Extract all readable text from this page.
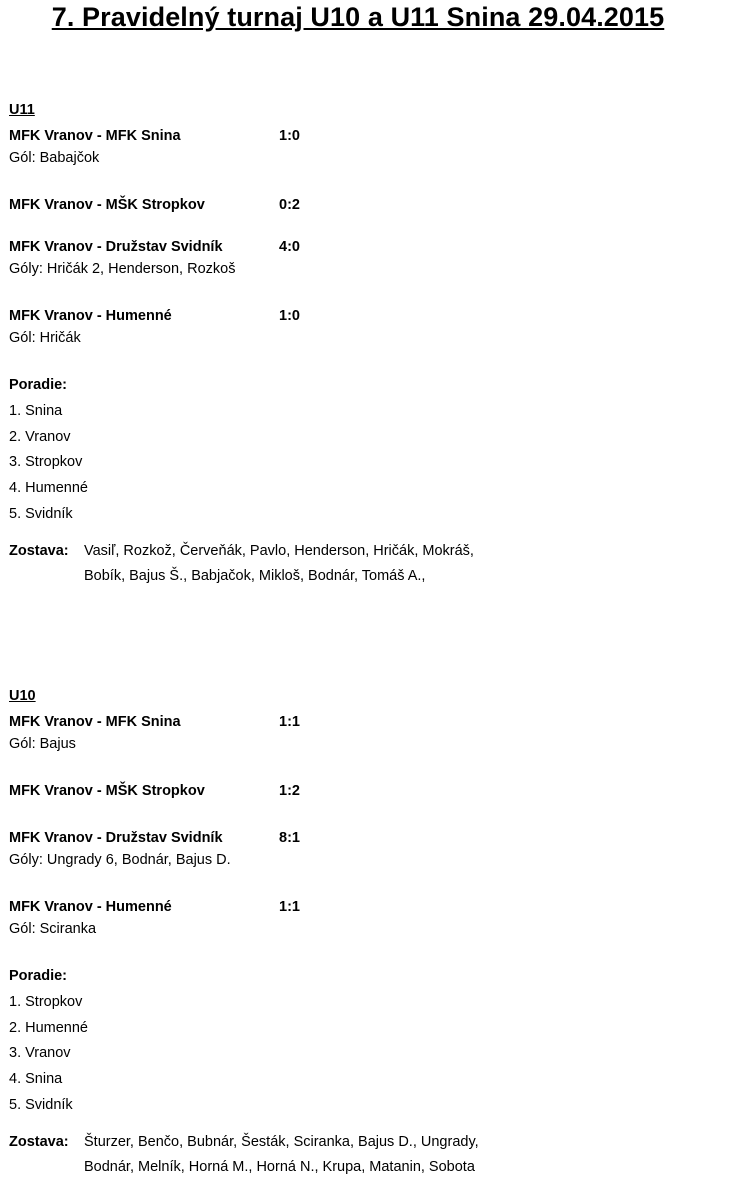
7. Pravidelný turnaj U10 a U11 Snina 29.04.2015
U11
MFK Vranov - MFK Snina	1:0
Gól: Babajčok
MFK Vranov - MŠK Stropkov	0:2
MFK Vranov - Družstav Svidník	4:0
Góly: Hričák 2, Henderson, Rozkoš
MFK Vranov - Humenné	1:0
Gól: Hričák
Poradie:
1. Snina
2. Vranov
3. Stropkov
4. Humenné
5. Svidník
Zostava:	Vasiľ, Rozkož, Červeňák, Pavlo, Henderson, Hričák, Mokráš,
Bobík, Bajus Š., Babjačok, Mikloš, Bodnár, Tomáš A.,
U10
MFK Vranov - MFK Snina	1:1
Gól: Bajus
MFK Vranov - MŠK Stropkov	1:2
MFK Vranov - Družstav Svidník	8:1
Góly: Ungrady 6, Bodnár, Bajus D.
MFK Vranov - Humenné	1:1
Gól: Sciranka
Poradie:
1. Stropkov
2. Humenné
3. Vranov
4. Snina
5. Svidník
Zostava:	Šturzer, Benčo, Bubnár, Šesták, Sciranka, Bajus D., Ungrady,
Bodnár, Melník, Horná M., Horná N., Krupa, Matanin, Sobota
